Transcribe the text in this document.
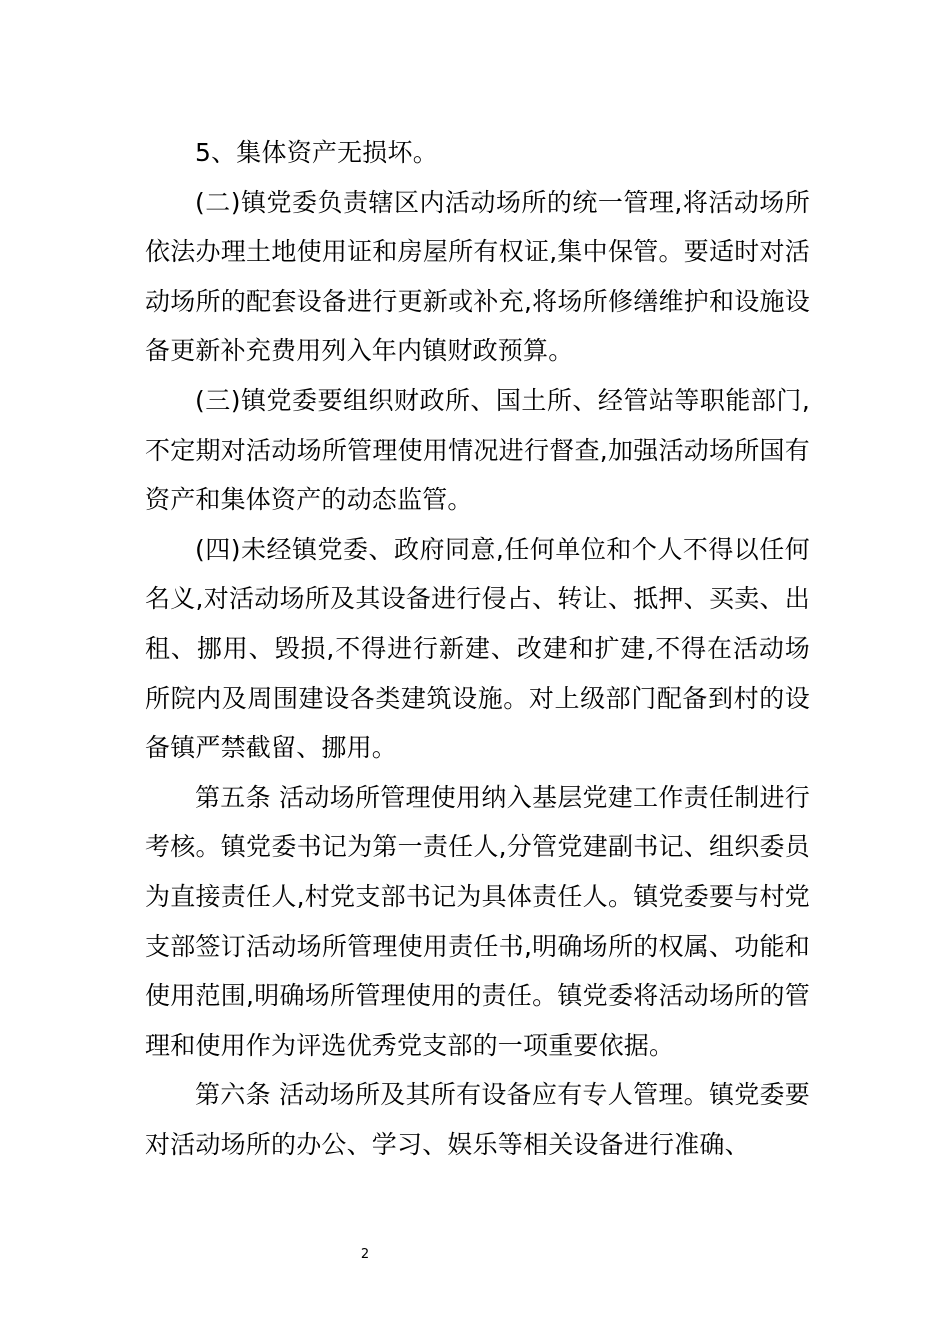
5、集体资产无损坏。

(二)镇党委负责辖区内活动场所的统一管理,将活动场所依法办理土地使用证和房屋所有权证,集中保管。要适时对活动场所的配套设备进行更新或补充,将场所修缮维护和设施设备更新补充费用列入年内镇财政预算。

(三)镇党委要组织财政所、国土所、经管站等职能部门,不定期对活动场所管理使用情况进行督查,加强活动场所国有资产和集体资产的动态监管。

(四)未经镇党委、政府同意,任何单位和个人不得以任何名义,对活动场所及其设备进行侵占、转让、抵押、买卖、出租、挪用、毁损,不得进行新建、改建和扩建,不得在活动场所院内及周围建设各类建筑设施。对上级部门配备到村的设备镇严禁截留、挪用。

第五条 活动场所管理使用纳入基层党建工作责任制进行考核。镇党委书记为第一责任人,分管党建副书记、组织委员为直接责任人,村党支部书记为具体责任人。镇党委要与村党支部签订活动场所管理使用责任书,明确场所的权属、功能和使用范围,明确场所管理使用的责任。镇党委将活动场所的管理和使用作为评选优秀党支部的一项重要依据。

第六条 活动场所及其所有设备应有专人管理。镇党委要对活动场所的办公、学习、娱乐等相关设备进行准确、

2
